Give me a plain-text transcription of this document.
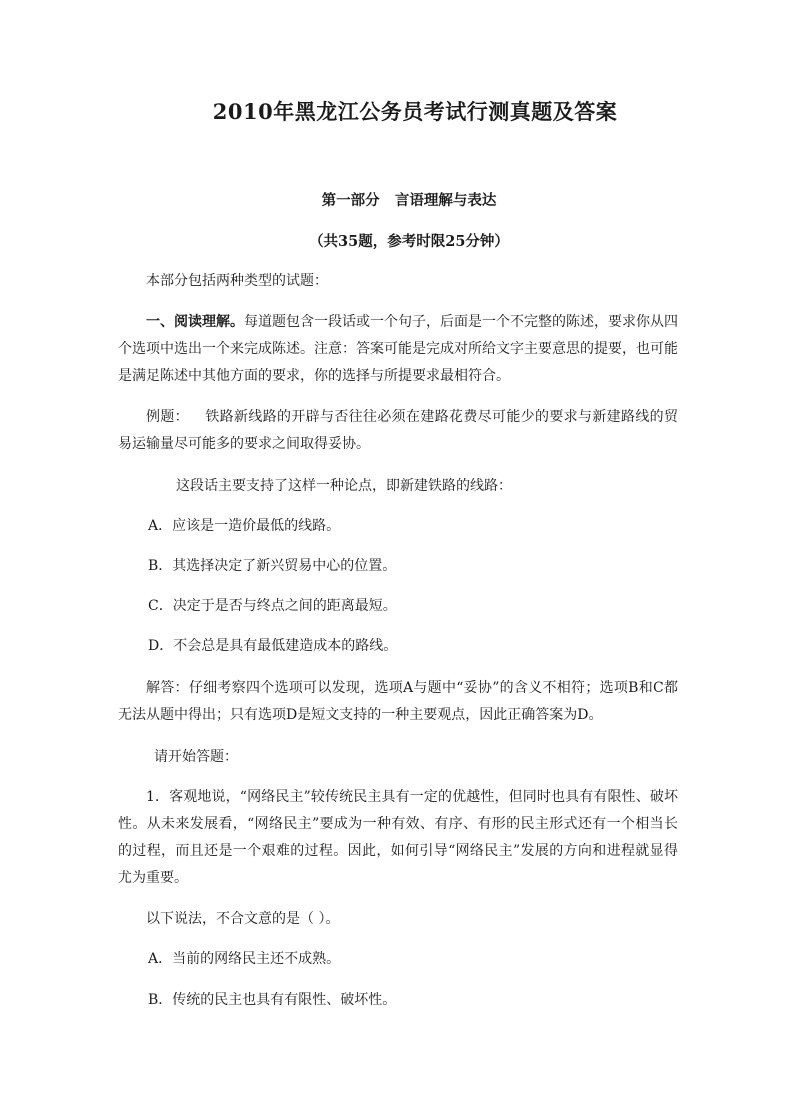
2010年黑龙江公务员考试行测真题及答案
第一部分   言语理解与表达
（共35题，参考时限25分钟）
本部分包括两种类型的试题：
一、阅读理解。每道题包含一段话或一个句子，后面是一个不完整的陈述，要求你从四个选项中选出一个来完成陈述。注意：答案可能是完成对所给文字主要意思的提要，也可能是满足陈述中其他方面的要求，你的选择与所提要求最相符合。
例题： 铁路新线路的开辟与否往往必须在建路花费尽可能少的要求与新建路线的贸易运输量尽可能多的要求之间取得妥协。
这段话主要支持了这样一种论点，即新建铁路的线路：
A．应该是一造价最低的线路。
B．其选择决定了新兴贸易中心的位置。
C．决定于是否与终点之间的距离最短。
D．不会总是具有最低建造成本的路线。
解答：仔细考察四个选项可以发现，选项A与题中“妥协”的含义不相符；选项B和C都无法从题中得出；只有选项D是短文支持的一种主要观点，因此正确答案为D。
请开始答题：
1．客观地说，“网络民主”较传统民主具有一定的优越性，但同时也具有有限性、破坏性。从未来发展看，“网络民主”要成为一种有效、有序、有形的民主形式还有一个相当长的过程，而且还是一个艰难的过程。因此，如何引导“网络民主”发展的方向和进程就显得尤为重要。
以下说法，不合文意的是（ ）。
A．当前的网络民主还不成熟。
B．传统的民主也具有有限性、破坏性。
